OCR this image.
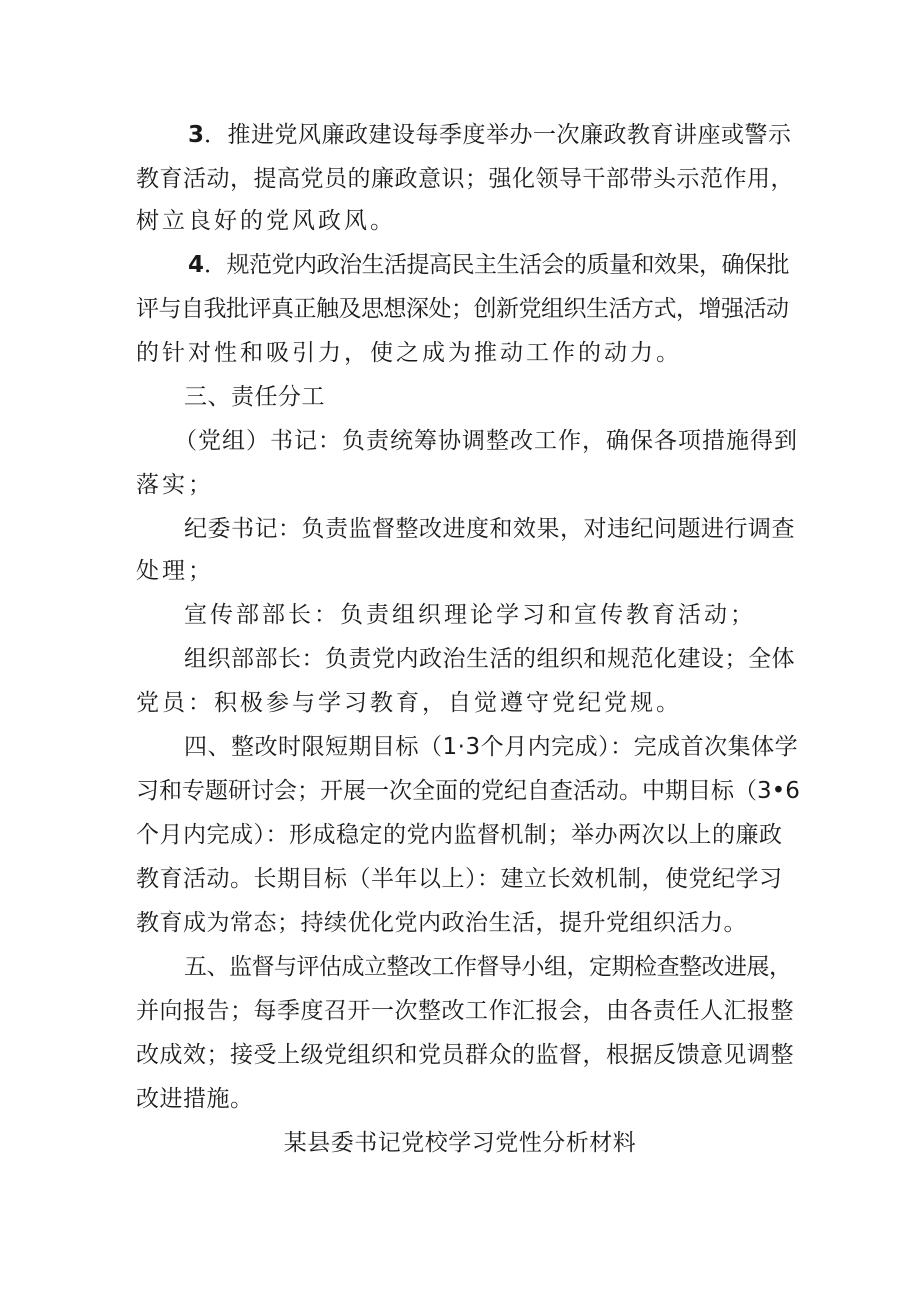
3．推进党风廉政建设每季度举办一次廉政教育讲座或警示
教育活动，提高党员的廉政意识；强化领导干部带头示范作用，
树立良好的党风政风。
4．规范党内政治生活提高民主生活会的质量和效果，确保批
评与自我批评真正触及思想深处；创新党组织生活方式，增强活动
的针对性和吸引力，使之成为推动工作的动力。
三、责任分工
（党组）书记：负责统筹协调整改工作，确保各项措施得到
落实；
纪委书记：负责监督整改进度和效果，对违纪问题进行调查
处理；
宣传部部长：负责组织理论学习和宣传教育活动；
组织部部长：负责党内政治生活的组织和规范化建设；全体
党员：积极参与学习教育，自觉遵守党纪党规。
四、整改时限短期目标（1·3个月内完成）：完成首次集体学
习和专题研讨会；开展一次全面的党纪自查活动。中期目标（3•6
个月内完成）：形成稳定的党内监督机制；举办两次以上的廉政
教育活动。长期目标（半年以上）：建立长效机制，使党纪学习
教育成为常态；持续优化党内政治生活，提升党组织活力。
五、监督与评估成立整改工作督导小组，定期检查整改进展，
并向报告；每季度召开一次整改工作汇报会，由各责任人汇报整
改成效；接受上级党组织和党员群众的监督，根据反馈意见调整
改进措施。
某县委书记党校学习党性分析材料
